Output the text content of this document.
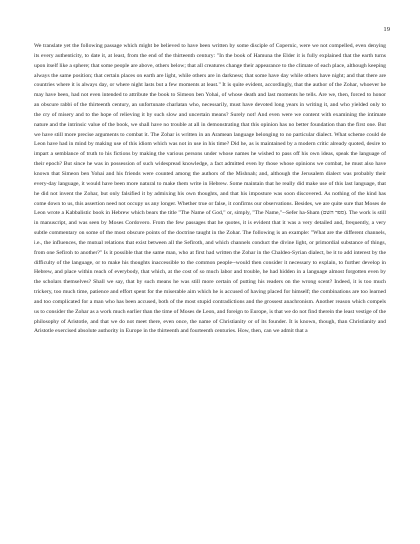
19

We translate yet the following passage which might be believed to have been written by some disciple of Copernic, were we not compelled, even denying its every authenticity, to date it, at least, from the end of the thirteenth century: "In the book of Hamuna the Elder it is fully explained that the earth turns upon itself like a sphere; that some people are above, others below; that all creatures change their appearance to the climate of each place, although keeping always the same position; that certain places on earth are light, while others are in darkness; that some have day while others have night; and that there are countries where it is always day, or where night lasts but a few moments at least." It is quite evident, accordingly, that the author of the Zohar, whoever he may have been, had not even intended to attribute the book to Simeon ben Yohai, of whose death and last moments he tells. Are we, then, forced to honor an obscure rabbi of the thirteenth century, an unfortunate charlatan who, necessarily, must have devoted long years in writing it, and who yielded only to the cry of misery and to the hope of relieving it by such slow and uncertain means? Surely not! And even were we content with examining the intimate nature and the intrinsic value of the book, we shall have no trouble at all in demonstrating that this opinion has no better foundation than the first one. But we have still more precise arguments to combat it. The Zohar is written in an Aramean language belonging to no particular dialect. What scheme could de Leon have had in mind by making use of this idiom which was not in use in his time? Did he, as is maintained by a modern critic already quoted, desire to impart a semblance of truth to his fictions by making the various persons under whose names he wished to pass off his own ideas, speak the language of their epoch? But since he was in possession of such widespread knowledge, a fact admitted even by those whose opinions we combat, he must also have known that Simeon ben Yohai and his friends were counted among the authors of the Mishnah; and, although the Jerusalem dialect was probably their every-day language, it would have been more natural to make them write in Hebrew. Some maintain that he really did make use of this last language, that he did not invent the Zohar, but only falsified it by admixing his own thoughts, and that his imposture was soon discovered. As nothing of the kind has come down to us, this assertion need not occupy us any longer. Whether true or false, it confirms our observations. Besides, we are quite sure that Moses de Leon wrote a Kabbalistic book in Hebrew which bears the title "The Name of God," or, simply, "The Name,"--Sefer ha-Sham (ספר השם). The work is still in manuscript, and was seen by Moses Cordovero. From the few passages that he quotes, it is evident that it was a very detailed and, frequently, a very subtle commentary on some of the most obscure points of the doctrine taught in the Zohar. The following is an example: "What are the different channels, i.e., the influences, the mutual relations that exist between all the Sefiroth, and which channels conduct the divine light, or primordial substance of things, from one Sefiroh to another?" Is it possible that the same man, who at first had written the Zohar in the Chaldeo-Syrian dialect, be it to add interest by the difficulty of the language, or to make his thoughts inaccessible to the common people--would then consider it necessary to explain, to further develop in Hebrew, and place within reach of everybody, that which, at the cost of so much labor and trouble, he had hidden in a language almost forgotten even by the scholars themselves? Shall we say, that by such means he was still more certain of putting his readers on the wrong scent? Indeed, it is too much trickery, too much time, patience and effort spent for the miserable aim which he is accused of having placed for himself; the combinations are too learned and too complicated for a man who has been accused, both of the most stupid contradictions and the grossest anachronism. Another reason which compels us to consider the Zohar as a work much earlier than the time of Moses de Leon, and foreign to Europe, is that we do not find therein the least vestige of the philosophy of Aristotle, and that we do not meet there, even once, the name of Christianity or of its founder. It is known, though, than Christianity and Aristotle exercised absolute authority in Europe in the thirteenth and fourteenth centuries. How, then, can we admit that a
